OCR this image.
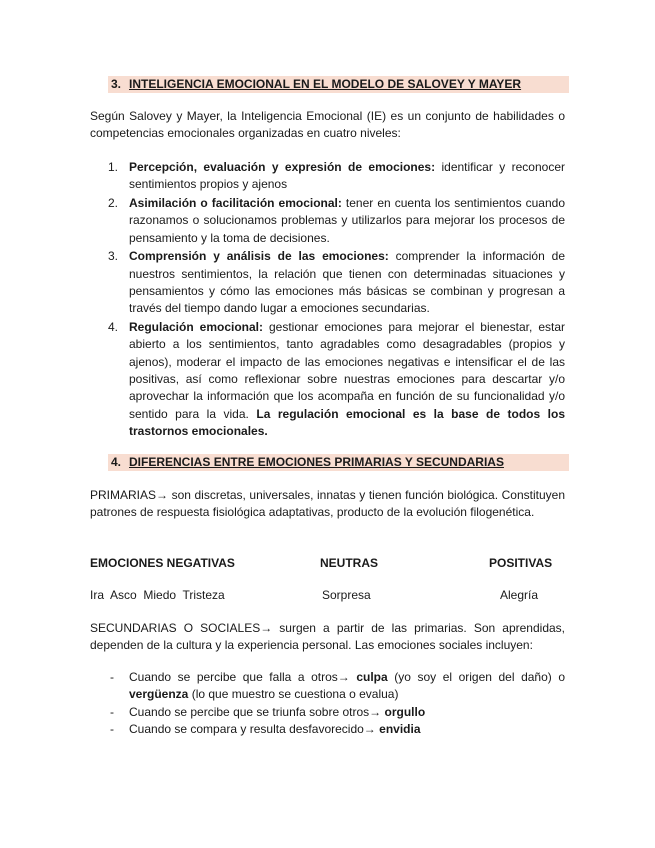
3. INTELIGENCIA EMOCIONAL EN EL MODELO DE SALOVEY Y MAYER
Según Salovey y Mayer, la Inteligencia Emocional (IE) es un conjunto de habilidades o competencias emocionales organizadas en cuatro niveles:
1. Percepción, evaluación y expresión de emociones: identificar y reconocer sentimientos propios y ajenos
2. Asimilación o facilitación emocional: tener en cuenta los sentimientos cuando razonamos o solucionamos problemas y utilizarlos para mejorar los procesos de pensamiento y la toma de decisiones.
3. Comprensión y análisis de las emociones: comprender la información de nuestros sentimientos, la relación que tienen con determinadas situaciones y pensamientos y cómo las emociones más básicas se combinan y progresan a través del tiempo dando lugar a emociones secundarias.
4. Regulación emocional: gestionar emociones para mejorar el bienestar, estar abierto a los sentimientos, tanto agradables como desagradables (propios y ajenos), moderar el impacto de las emociones negativas e intensificar el de las positivas, así como reflexionar sobre nuestras emociones para descartar y/o aprovechar la información que los acompaña en función de su funcionalidad y/o sentido para la vida. La regulación emocional es la base de todos los trastornos emocionales.
4. DIFERENCIAS ENTRE EMOCIONES PRIMARIAS Y SECUNDARIAS
PRIMARIAS→ son discretas, universales, innatas y tienen función biológica. Constituyen patrones de respuesta fisiológica adaptativas, producto de la evolución filogenética.
EMOCIONES NEGATIVAS	NEUTRAS	POSITIVAS
Ira  Asco  Miedo  Tristeza	Sorpresa	Alegría
SECUNDARIAS O SOCIALES→ surgen a partir de las primarias. Son aprendidas, dependen de la cultura y la experiencia personal. Las emociones sociales incluyen:
- Cuando se percibe que falla a otros→ culpa (yo soy el origen del daño) o vergüenza (lo que muestro se cuestiona o evalua)
- Cuando se percibe que se triunfa sobre otros→ orgullo
- Cuando se compara y resulta desfavorecido→ envidia
